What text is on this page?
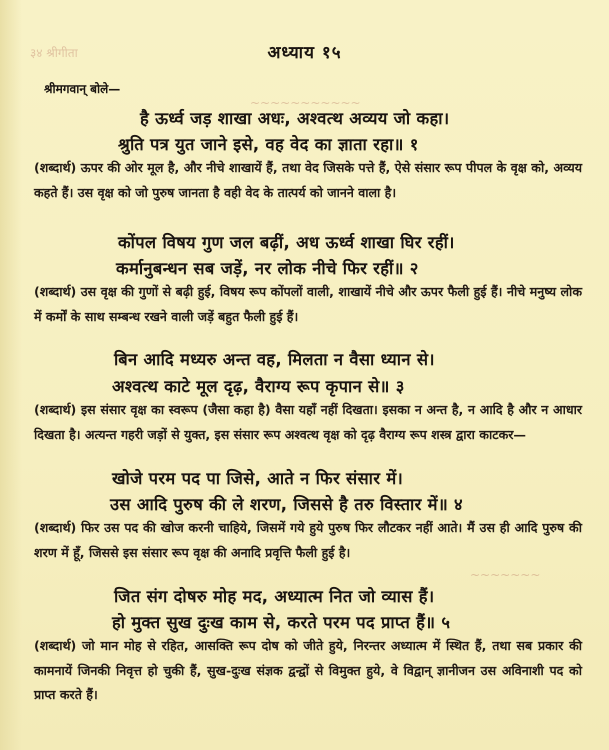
३४ श्रीगीता
~~~~~~~~~~~
~~~~~~~
अध्याय १५
श्रीमगवान् बोले—
है ऊर्ध्व जड़ शाखा अधः, अश्वत्थ अव्यय जो कहा।
श्रुति पत्र युत जाने इसे, वह वेद का ज्ञाता रहा॥ १
(शब्दार्थ) ऊपर की ओर मूल है, और नीचे शाखायें हैं, तथा वेद जिसके पत्ते हैं, ऐसे संसार रूप पीपल के वृक्ष को, अव्यय कहते हैं। उस वृक्ष को जो पुरुष जानता है वही वेद के तात्पर्य को जानने वाला है।
कोंपल विषय गुण जल बढ़ीं, अध ऊर्ध्व शाखा घिर रहीं।
कर्मानुबन्धन सब जड़ें, नर लोक नीचे फिर रहीं॥ २
(शब्दार्थ) उस वृक्ष की गुणों से बढ़ी हुई, विषय रूप कोंपलों वाली, शाखायें नीचे और ऊपर फैली हुई हैं। नीचे मनुष्य लोक में कर्मों के साथ सम्बन्ध रखने वाली जड़ें बहुत फैली हुई हैं।
बिन आदि मध्यरु अन्त वह, मिलता न वैसा ध्यान से।
अश्वत्थ काटे मूल दृढ़, वैराग्य रूप कृपान से॥ ३
(शब्दार्थ) इस संसार वृक्ष का स्वरूप (जैसा कहा है) वैसा यहाँ नहीं दिखता। इसका न अन्त है, न आदि है और न आधार दिखता है। अत्यन्त गहरी जड़ों से युक्त, इस संसार रूप अश्वत्थ वृक्ष को दृढ़ वैराग्य रूप शस्त्र द्वारा काटकर—
खोजे परम पद पा जिसे, आते न फिर संसार में।
उस आदि पुरुष की ले शरण, जिससे है तरु विस्तार में॥ ४
(शब्दार्थ) फिर उस पद की खोज करनी चाहिये, जिसमें गये हुये पुरुष फिर लौटकर नहीं आते। मैं उस ही आदि पुरुष की शरण में हूँ, जिससे इस संसार रूप वृक्ष की अनादि प्रवृत्ति फैली हुई है।
जित संग दोषरु मोह मद, अध्यात्म नित जो व्यास हैं।
हो मुक्त सुख दुःख काम से, करते परम पद प्राप्त हैं॥ ५
(शब्दार्थ) जो मान मोह से रहित, आसक्ति रूप दोष को जीते हुये, निरन्तर अध्यात्म में स्थित हैं, तथा सब प्रकार की कामनायें जिनकी निवृत्त हो चुकी हैं, सुख-दुःख संज्ञक द्वन्द्वों से विमुक्त हुये, वे विद्वान् ज्ञानीजन उस अविनाशी पद को प्राप्त करते हैं।
